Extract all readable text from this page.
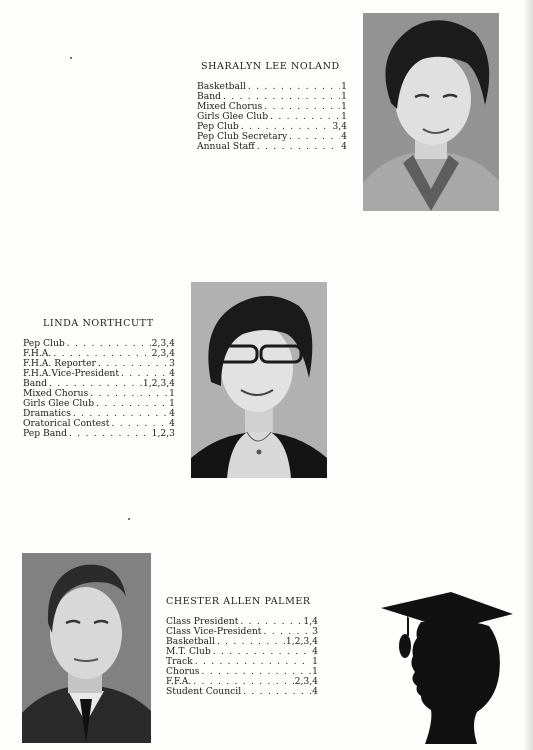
SHARALYN LEE NOLAND
Basketball . . .	1
Band . . .	1
Mixed Chorus . . .	1
Girls Glee Club . . .	1
Pep Club . . .	3,4
Pep Club Secretary . . .	4
Annual Staff . . .	4
LINDA NORTHCUTT
Pep Club . . .	2,3,4
F.H.A. . . .	2,3,4
F.H.A. Reporter . . .	3
F.H.A.Vice-President . . .	4
Band . . .	1,2,3,4
Mixed Chorus . . .	1
Girls Glee Club . . .	1
Dramatics . . .	4
Oratorical Contest . . .	4
Pep Band . . .	1,2,3
CHESTER ALLEN PALMER
Class President . . .	1,4
Class Vice-President . . .	3
Basketball . . .	1,2,3,4
M.T. Club . . .	4
Track . . .	1
Chorus . . .	1
F.F.A. . . .	2,3,4
Student Council . . .	4
